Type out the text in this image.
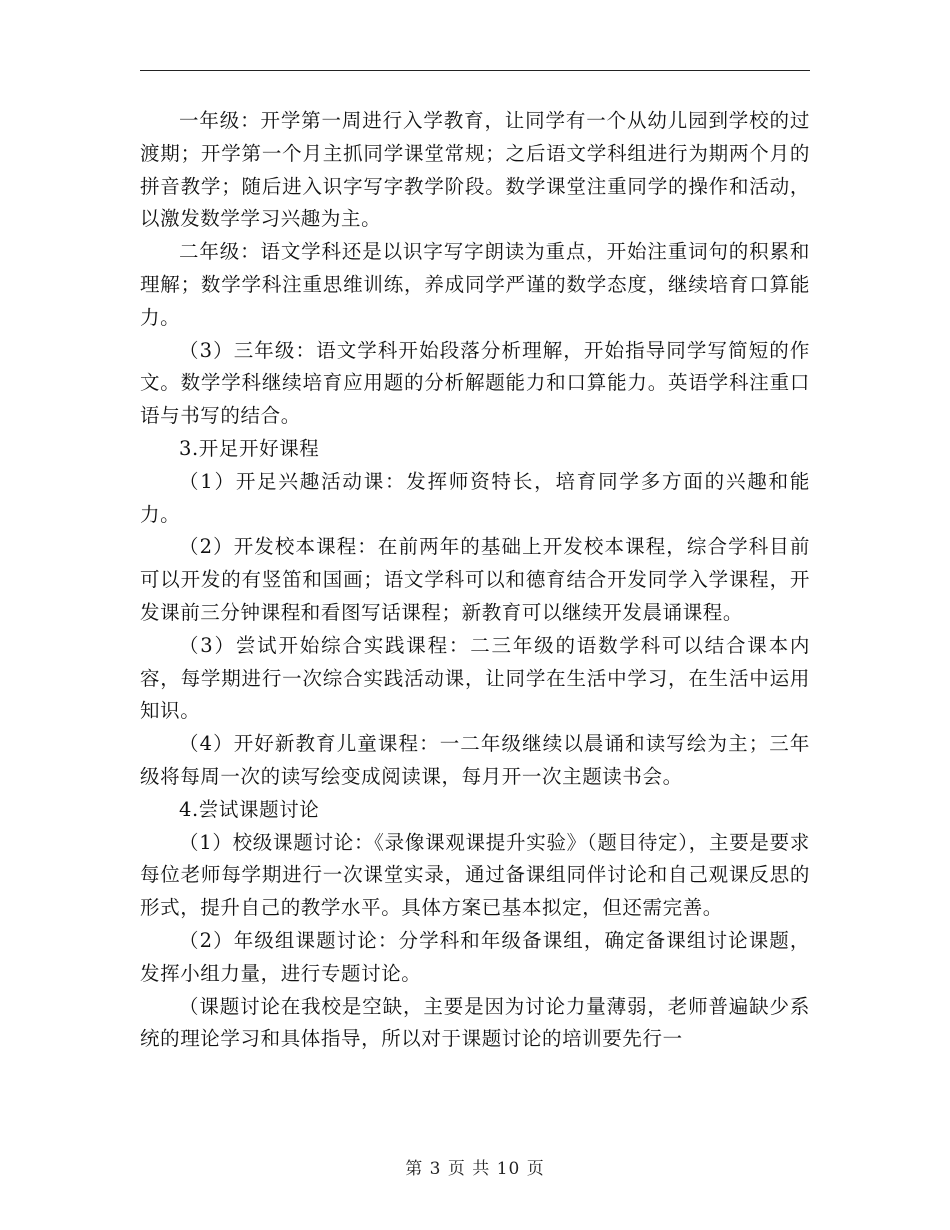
一年级：开学第一周进行入学教育，让同学有一个从幼儿园到学校的过渡期；开学第一个月主抓同学课堂常规；之后语文学科组进行为期两个月的拼音教学；随后进入识字写字教学阶段。数学课堂注重同学的操作和活动，以激发数学学习兴趣为主。

二年级：语文学科还是以识字写字朗读为重点，开始注重词句的积累和理解；数学学科注重思维训练，养成同学严谨的数学态度，继续培育口算能力。

（3）三年级：语文学科开始段落分析理解，开始指导同学写简短的作文。数学学科继续培育应用题的分析解题能力和口算能力。英语学科注重口语与书写的结合。

3.开足开好课程

（1）开足兴趣活动课：发挥师资特长，培育同学多方面的兴趣和能力。

（2）开发校本课程：在前两年的基础上开发校本课程，综合学科目前可以开发的有竖笛和国画；语文学科可以和德育结合开发同学入学课程，开发课前三分钟课程和看图写话课程；新教育可以继续开发晨诵课程。

（3）尝试开始综合实践课程：二三年级的语数学科可以结合课本内容，每学期进行一次综合实践活动课，让同学在生活中学习，在生活中运用知识。

（4）开好新教育儿童课程：一二年级继续以晨诵和读写绘为主；三年级将每周一次的读写绘变成阅读课，每月开一次主题读书会。

4.尝试课题讨论

（1）校级课题讨论：《录像课观课提升实验》（题目待定），主要是要求每位老师每学期进行一次课堂实录，通过备课组同伴讨论和自己观课反思的形式，提升自己的教学水平。具体方案已基本拟定，但还需完善。

（2）年级组课题讨论：分学科和年级备课组，确定备课组讨论课题，发挥小组力量，进行专题讨论。

（课题讨论在我校是空缺，主要是因为讨论力量薄弱，老师普遍缺少系统的理论学习和具体指导，所以对于课题讨论的培训要先行一

第 3 页 共 10 页
